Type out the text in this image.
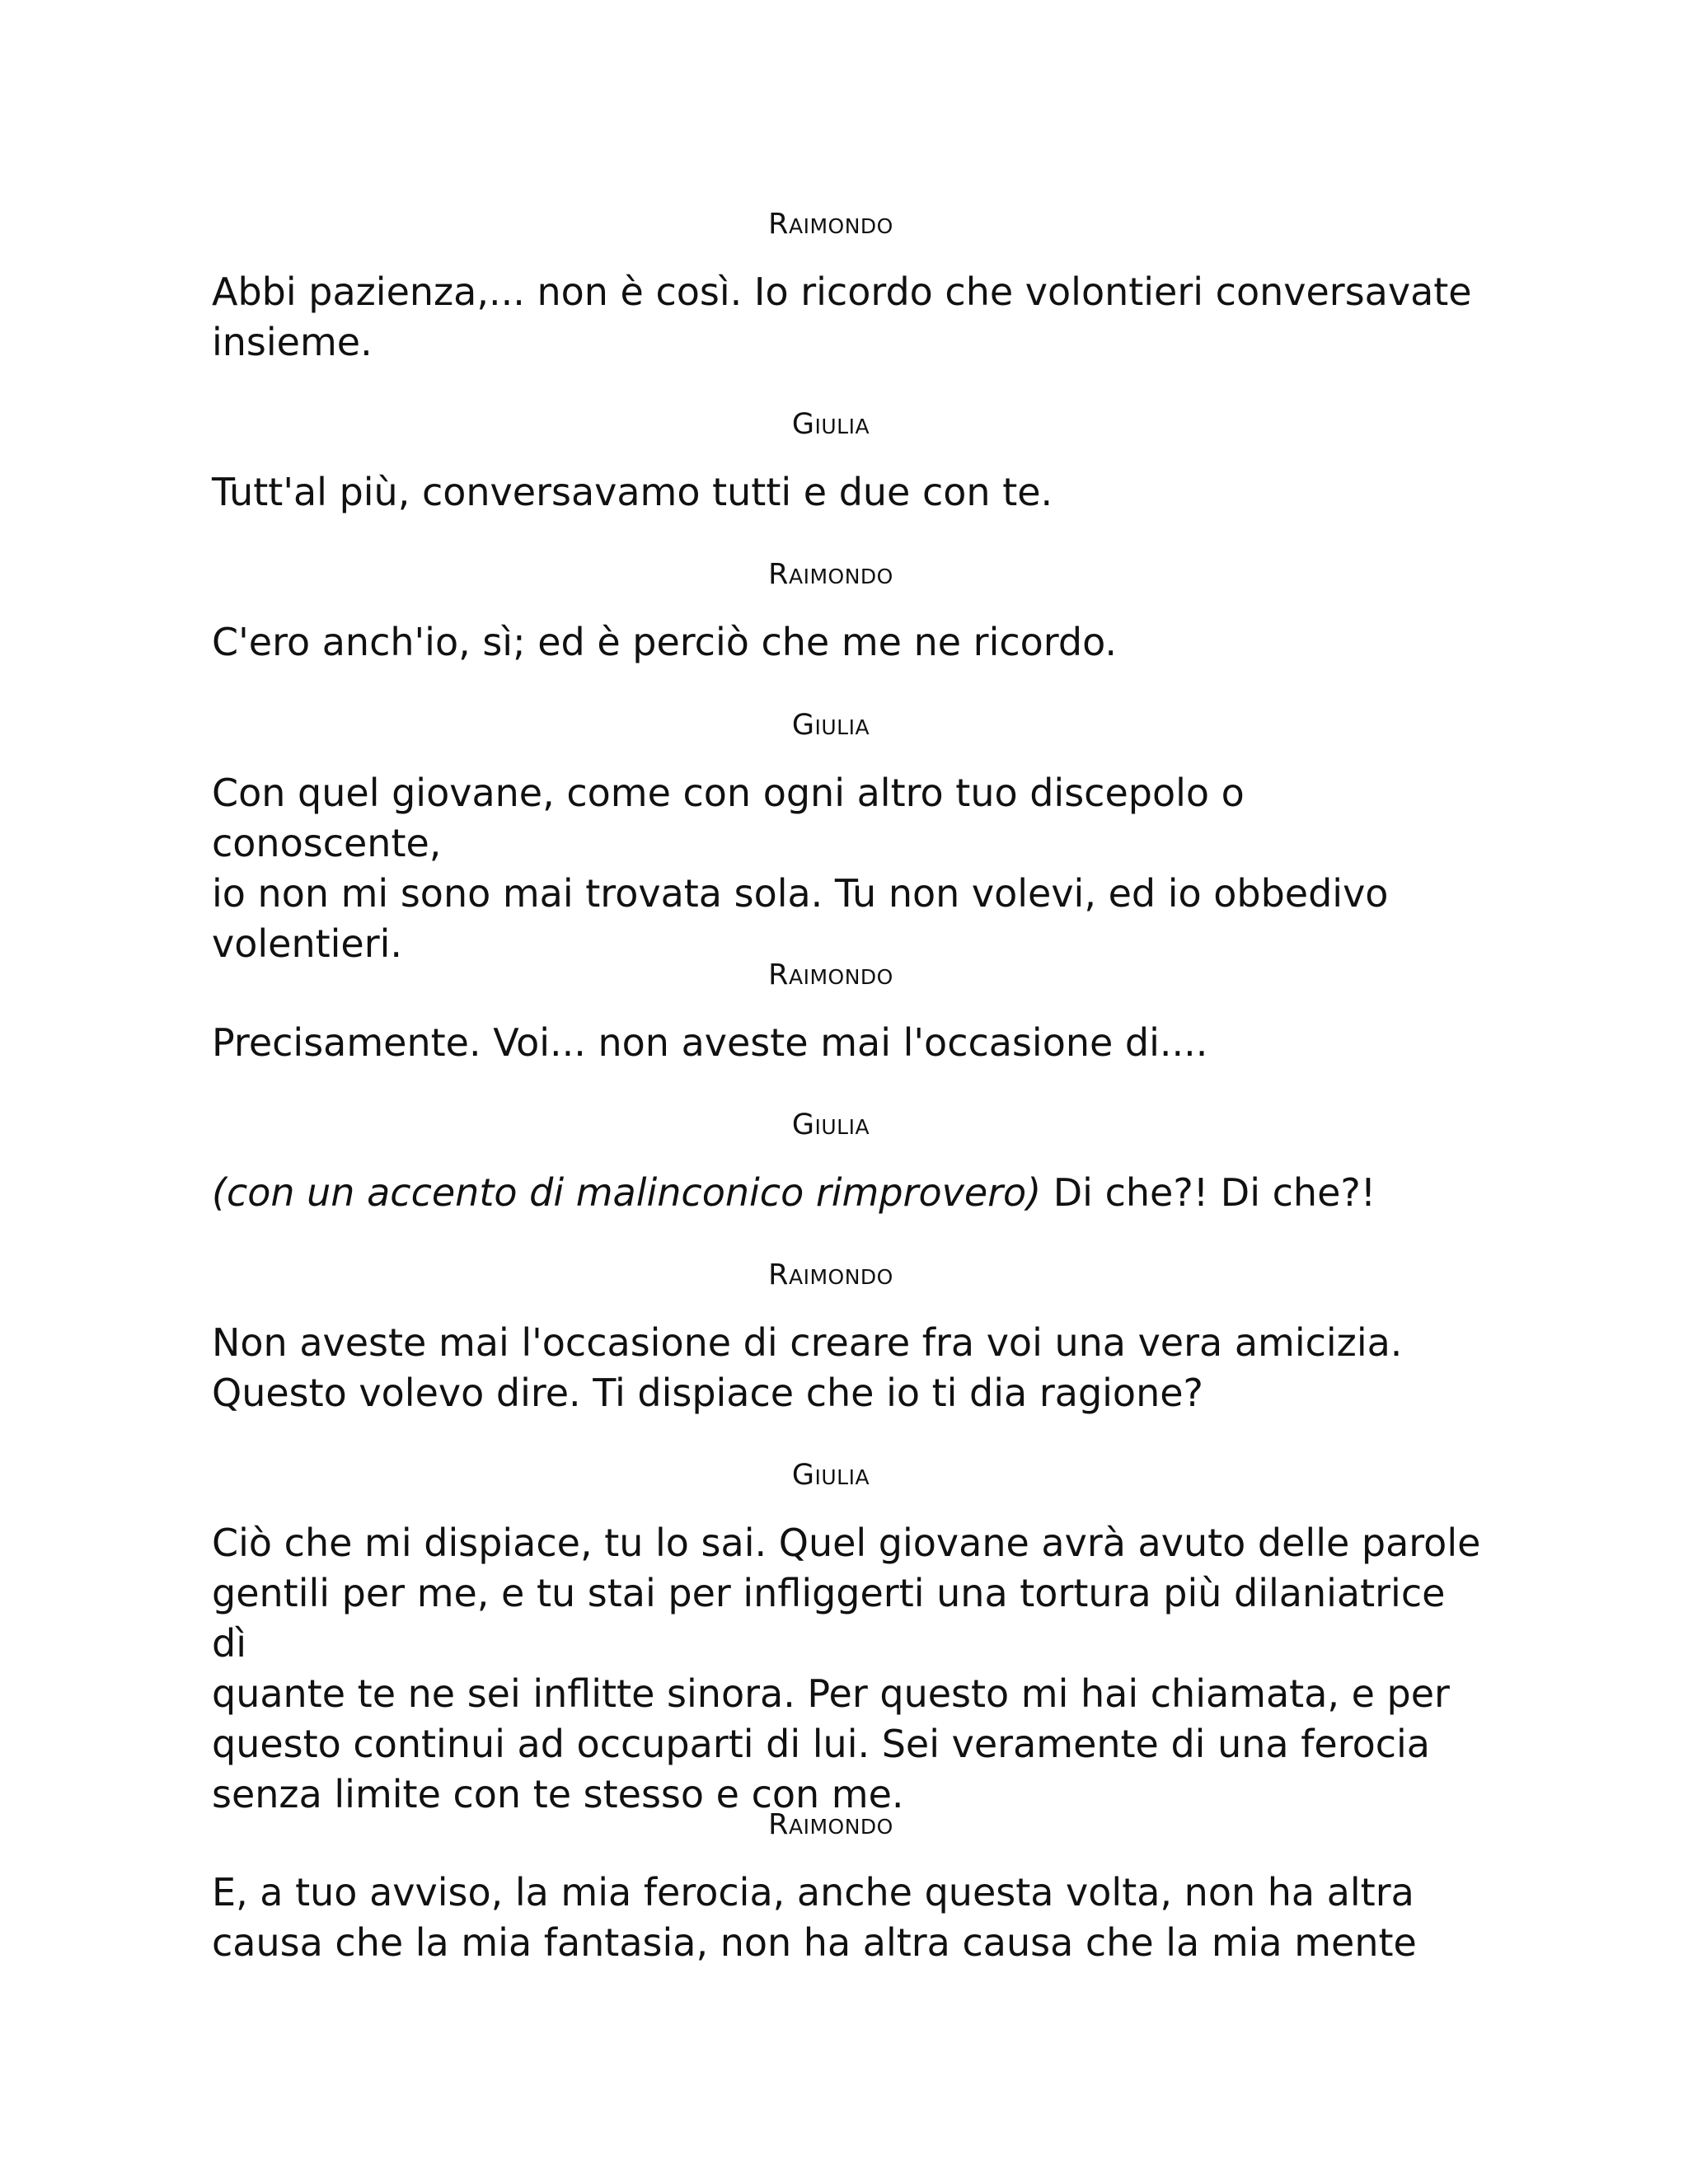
Raimondo

Abbi pazienza,... non è così. Io ricordo che volontieri conversavate
insieme.

Giulia

Tutt'al più, conversavamo tutti e due con te.

Raimondo

C'ero anch'io, sì; ed è perciò che me ne ricordo.

Giulia

Con quel giovane, come con ogni altro tuo discepolo o conoscente,
io non mi sono mai trovata sola. Tu non volevi, ed io obbedivo
volentieri.

Raimondo

Precisamente. Voi... non aveste mai l'occasione di....

Giulia

(con un accento di malinconico rimprovero) Di che?! Di che?!

Raimondo

Non aveste mai l'occasione di creare fra voi una vera amicizia.
Questo volevo dire. Ti dispiace che io ti dia ragione?

Giulia

Ciò che mi dispiace, tu lo sai. Quel giovane avrà avuto delle parole
gentili per me, e tu stai per infliggerti una tortura più dilaniatrice dì
quante te ne sei inflitte sinora. Per questo mi hai chiamata, e per
questo continui ad occuparti di lui. Sei veramente di una ferocia
senza limite con te stesso e con me.

Raimondo

E, a tuo avviso, la mia ferocia, anche questa volta, non ha altra
causa che la mia fantasia, non ha altra causa che la mia mente
